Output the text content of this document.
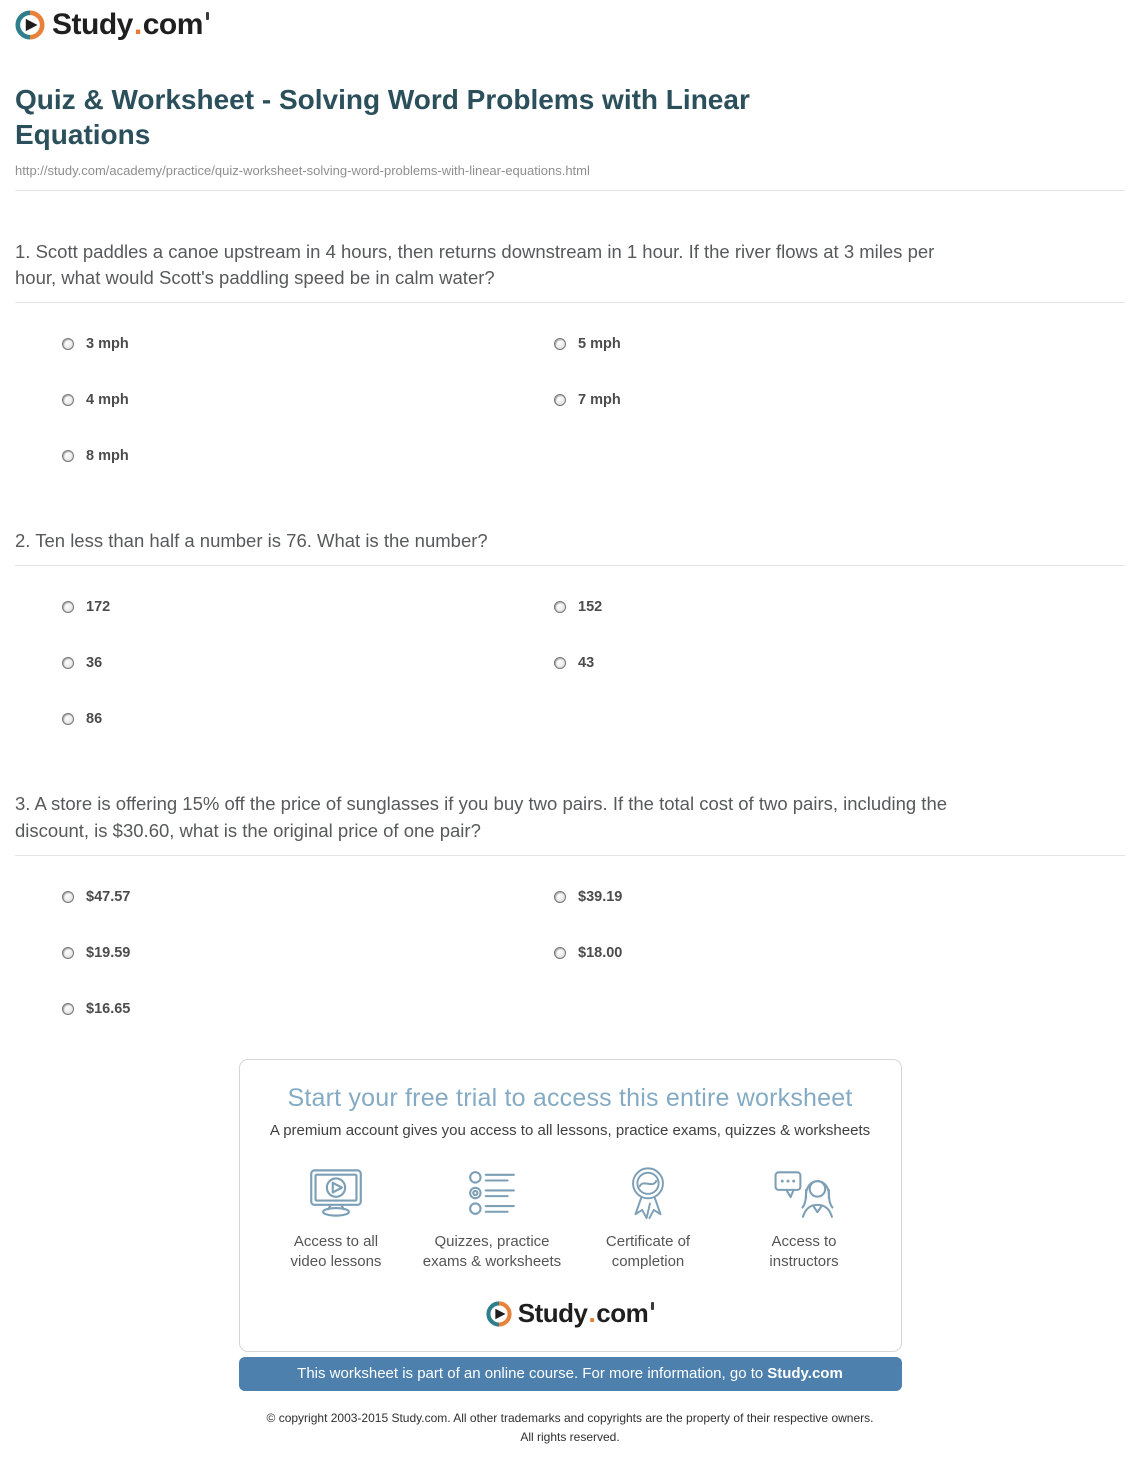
Study . com
Quiz & Worksheet - Solving Word Problems with Linear Equations
http://study.com/academy/practice/quiz-worksheet-solving-word-problems-with-linear-equations.html

1. Scott paddles a canoe upstream in 4 hours, then returns downstream in 1 hour. If the river flows at 3 miles per hour, what would Scott's paddling speed be in calm water?

3 mph	5 mph
4 mph	7 mph
8 mph

2. Ten less than half a number is 76. What is the number?

172	152
36	43
86

3. A store is offering 15% off the price of sunglasses if you buy two pairs. If the total cost of two pairs, including the discount, is $30.60, what is the original price of one pair?

$47.57	$39.19
$19.59	$18.00
$16.65
Start your free trial to access this entire worksheet

A premium account gives you access to all lessons, practice exams, quizzes & worksheets

Access to all
video lessons
Quizzes, practice
exams & worksheets
Certificate of
completion
Access to
instructors
Study . com
This worksheet is part of an online course. For more information, go to Study.com
© copyright 2003-2015 Study.com. All other trademarks and copyrights are the property of their respective owners.
All rights reserved.
